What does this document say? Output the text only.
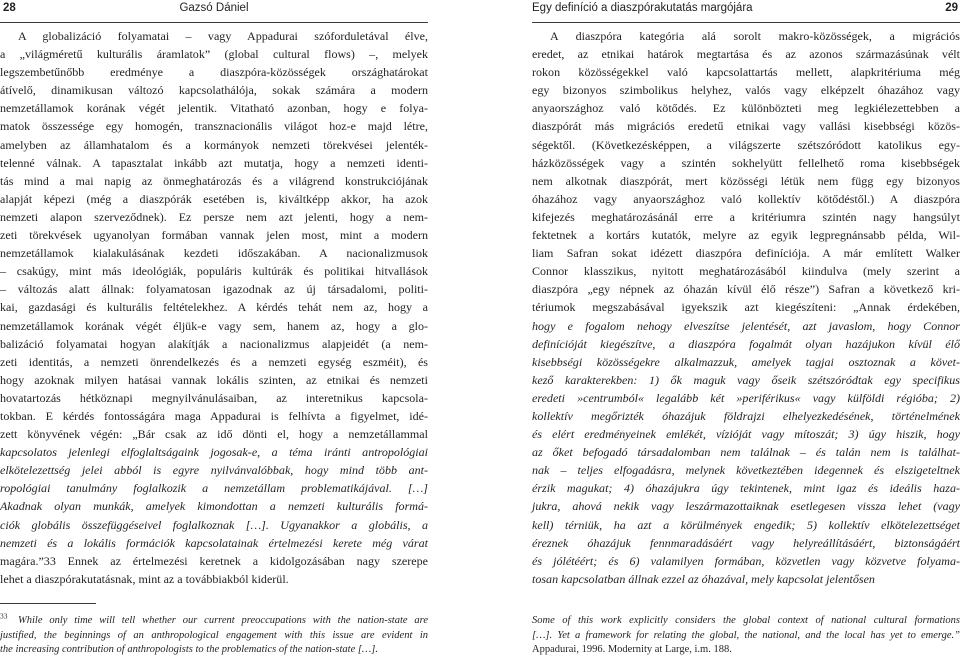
28	Gazsó Dániel
A globalizáció folyamatai – vagy Appadurai szóforduletával élve,
a „világméretű kulturális áramlatok” (global cultural flows) –, melyek
legszembetűnőbb eredménye a diaszpóra-közösségek országhatárokat
átívelő, dinamikusan változó kapcsolathálója, sokak számára a modern
nemzetállamok korának végét jelentik. Vitatható azonban, hogy e folya-
matok összessége egy homogén, transznacionális világot hoz-e majd létre,
amelyben az államhatalom és a kormányok nemzeti törekvései jelenték-
telenné válnak. A tapasztalat inkább azt mutatja, hogy a nemzeti identi-
tás mind a mai napig az önmeghatározás és a világrend konstrukciójának
alapját képezi (még a diaszpórák esetében is, kiváltképp akkor, ha azok
nemzeti alapon szerveződnek). Ez persze nem azt jelenti, hogy a nem-
zeti törekvések ugyanolyan formában vannak jelen most, mint a modern
nemzetállamok kialakulásának kezdeti időszakában. A nacionalizmusok
– csakúgy, mint más ideológiák, populáris kultúrák és politikai hitvallások
– változás alatt állnak: folyamatosan igazodnak az új társadalomi, politi-
kai, gazdasági és kulturális feltételekhez. A kérdés tehát nem az, hogy a
nemzetállamok korának végét éljük-e vagy sem, hanem az, hogy a glo-
balizáció folyamatai hogyan alakítják a nacionalizmus alapjeidét (a nem-
zeti identitás, a nemzeti önrendelkezés és a nemzeti egység eszméit), és
hogy azoknak milyen hatásai vannak lokális szinten, az etnikai és nemzeti
hovatartozás hétköznapi megnyilvánulásaiban, az interetnikus kapcsola-
tokban. E kérdés fontosságára maga Appadurai is felhívta a figyelmet, idé-
zett könyvének végén: „Bár csak az idő dönti el, hogy a nemzetállammal
kapcsolatos jelenlegi elfoglaltságaink jogosak-e, a téma iránti antropológiai
elkötelezettség jelei abból is egyre nyilvánvalóbbak, hogy mind több ant-
ropológiai tanulmány foglalkozik a nemzetállam problematikájával. […]
Akadnak olyan munkák, amelyek kimondottan a nemzeti kulturális formá-
ciók globális összefüggéseivel foglalkoznak […]. Ugyanakkor a globális, a
nemzeti és a lokális formációk kapcsolatainak értelmezési kerete még várat
magára.”33 Ennek az értelmezési keretnek a kidolgozásában nagy szerepe
lehet a diaszpórakutatásnak, mint az a továbbiakból kiderül.
$^{33}$  While only time will tell whether our current preoccupations with the nation-state are
justified, the beginnings of an anthropological engagement with this issue are evident in
the increasing contribution of anthropologists to the problematics of the nation-state […].
Egy definíció a diaszpórakutatás margójára	29
A diaszpóra kategória alá sorolt makro-közösségek, a migrációs
eredet, az etnikai határok megtartása és az azonos származásúnak vélt
rokon közösségekkel való kapcsolattartás mellett, alapkritériuma még
egy bizonyos szimbolikus helyhez, valós vagy elképzelt óhazához vagy
anyaországhoz való kötődés. Ez különbözteti meg legkiélezettebben a
diaszpórát más migrációs eredetű etnikai vagy vallási kisebbségi közös-
ségektől. (Következésképpen, a világszerte szétszóródott katolikus egy-
házközösségek vagy a szintén sokhelyütt fellelhető roma kisebbségek
nem alkotnak diaszpórát, mert közösségi létük nem függ egy bizonyos
óhazához vagy anyaországhoz való kollektív kötődéstől.) A diaszpóra
kifejezés meghatározásánál erre a kritériumra szintén nagy hangsúlyt
fektetnek a kortárs kutatók, melyre az egyik legpregnánsabb példa, Wil-
liam Safran sokat idézett diaszpóra definíciója. A már említett Walker
Connor klasszikus, nyitott meghatározásából kiindulva (mely szerint a
diaszpóra „egy népnek az óhazán kívül élő része”) Safran a következő kri-
tériumok megszabásával igyekszik azt kiegészíteni: „Annak érdekében,
hogy e fogalom nehogy elveszítse jelentését, azt javaslom, hogy Connor
definícióját kiegészítve, a diaszpóra fogalmát olyan hazájukon kívül élő
kisebbségi közösségekre alkalmazzuk, amelyek tagjai osztoznak a követ-
kező karakterekben: 1) ők maguk vagy őseik szétszóródtak egy specifikus
eredeti »centrumból« legalább két »periférikus« vagy külföldi régióba; 2)
kollektív megőrizték óhazájuk földrajzi elhelyezkedésének, történelmének
és elért eredményeinek emlékét, vízióját vagy mítoszát; 3) úgy hiszik, hogy
az őket befogadó társadalomban nem találnak – és talán nem is találhat-
nak – teljes elfogadásra, melynek következtében idegennek és elszigeteltnek
érzik magukat; 4) óhazájukra úgy tekintenek, mint igaz és ideális haza-
jukra, ahová nekik vagy leszármazottaiknak esetlegesen vissza lehet (vagy
kell) térniük, ha azt a körülmények engedik; 5) kollektív elkötelezettséget
éreznek óhazájuk fennmaradásáért vagy helyreállításáért, biztonságáért
és jólétéért; és 6) valamilyen formában, közvetlen vagy közvetve folyama-
tosan kapcsolatban állnak ezzel az óhazával, mely kapcsolat jelentősen
Some of this work explicitly considers the global context of national cultural formations
[…]. Yet a framework for relating the global, the national, and the local has yet to emerge.”
Appadurai, 1996. Modernity at Large, i.m. 188.
